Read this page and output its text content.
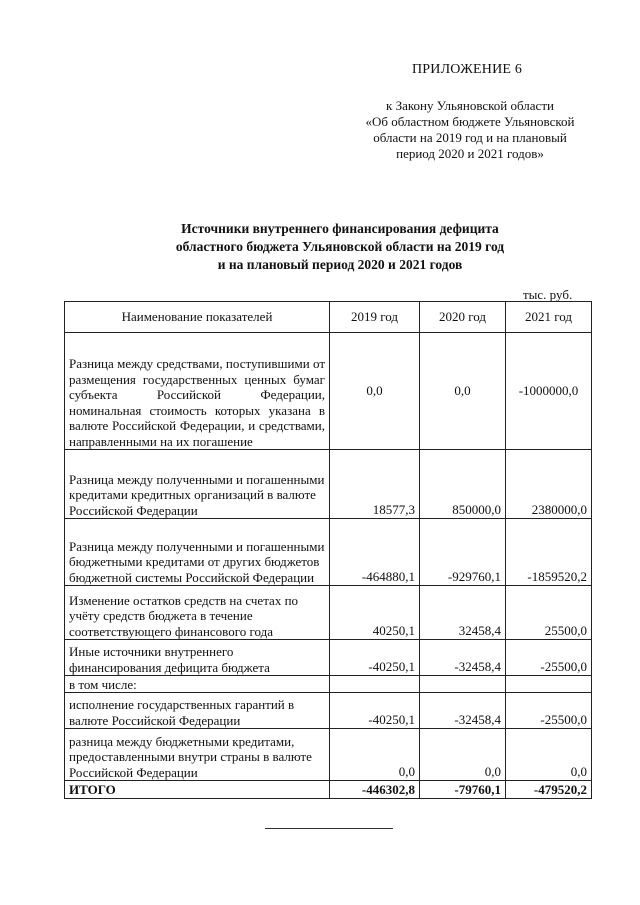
ПРИЛОЖЕНИЕ 6
к Закону Ульяновской области
«Об областном бюджете Ульяновской
области на 2019 год и на плановый
период 2020 и 2021 годов»
Источники внутреннего финансирования дефицита
областного бюджета Ульяновской области на 2019 год
и на плановый период 2020 и 2021 годов
тыс. руб.
Наименование показателей	2019 год	2020 год	2021 год
Разница между средствами, поступившими от размещения государственных ценных бумаг субъекта Российской Федерации, номинальная стоимость которых указана в валюте Российской Федерации, и средствами, направленными на их погашение	0,0	0,0	-1000000,0
Разница между полученными и погашенными кредитами кредитных организаций в валюте Российской Федерации	18577,3	850000,0	2380000,0
Разница между полученными и погашенными бюджетными кредитами от других бюджетов бюджетной системы Российской Федерации	-464880,1	-929760,1	-1859520,2
Изменение остатков средств на счетах по учёту средств бюджета в течение соответствующего финансового года	40250,1	32458,4	25500,0
Иные источники внутреннего финансирования дефицита бюджета	-40250,1	-32458,4	-25500,0
в том числе:			
исполнение государственных гарантий в валюте Российской Федерации	-40250,1	-32458,4	-25500,0
разница между бюджетными кредитами, предоставленными внутри страны в валюте Российской Федерации	0,0	0,0	0,0
ИТОГО	-446302,8	-79760,1	-479520,2
